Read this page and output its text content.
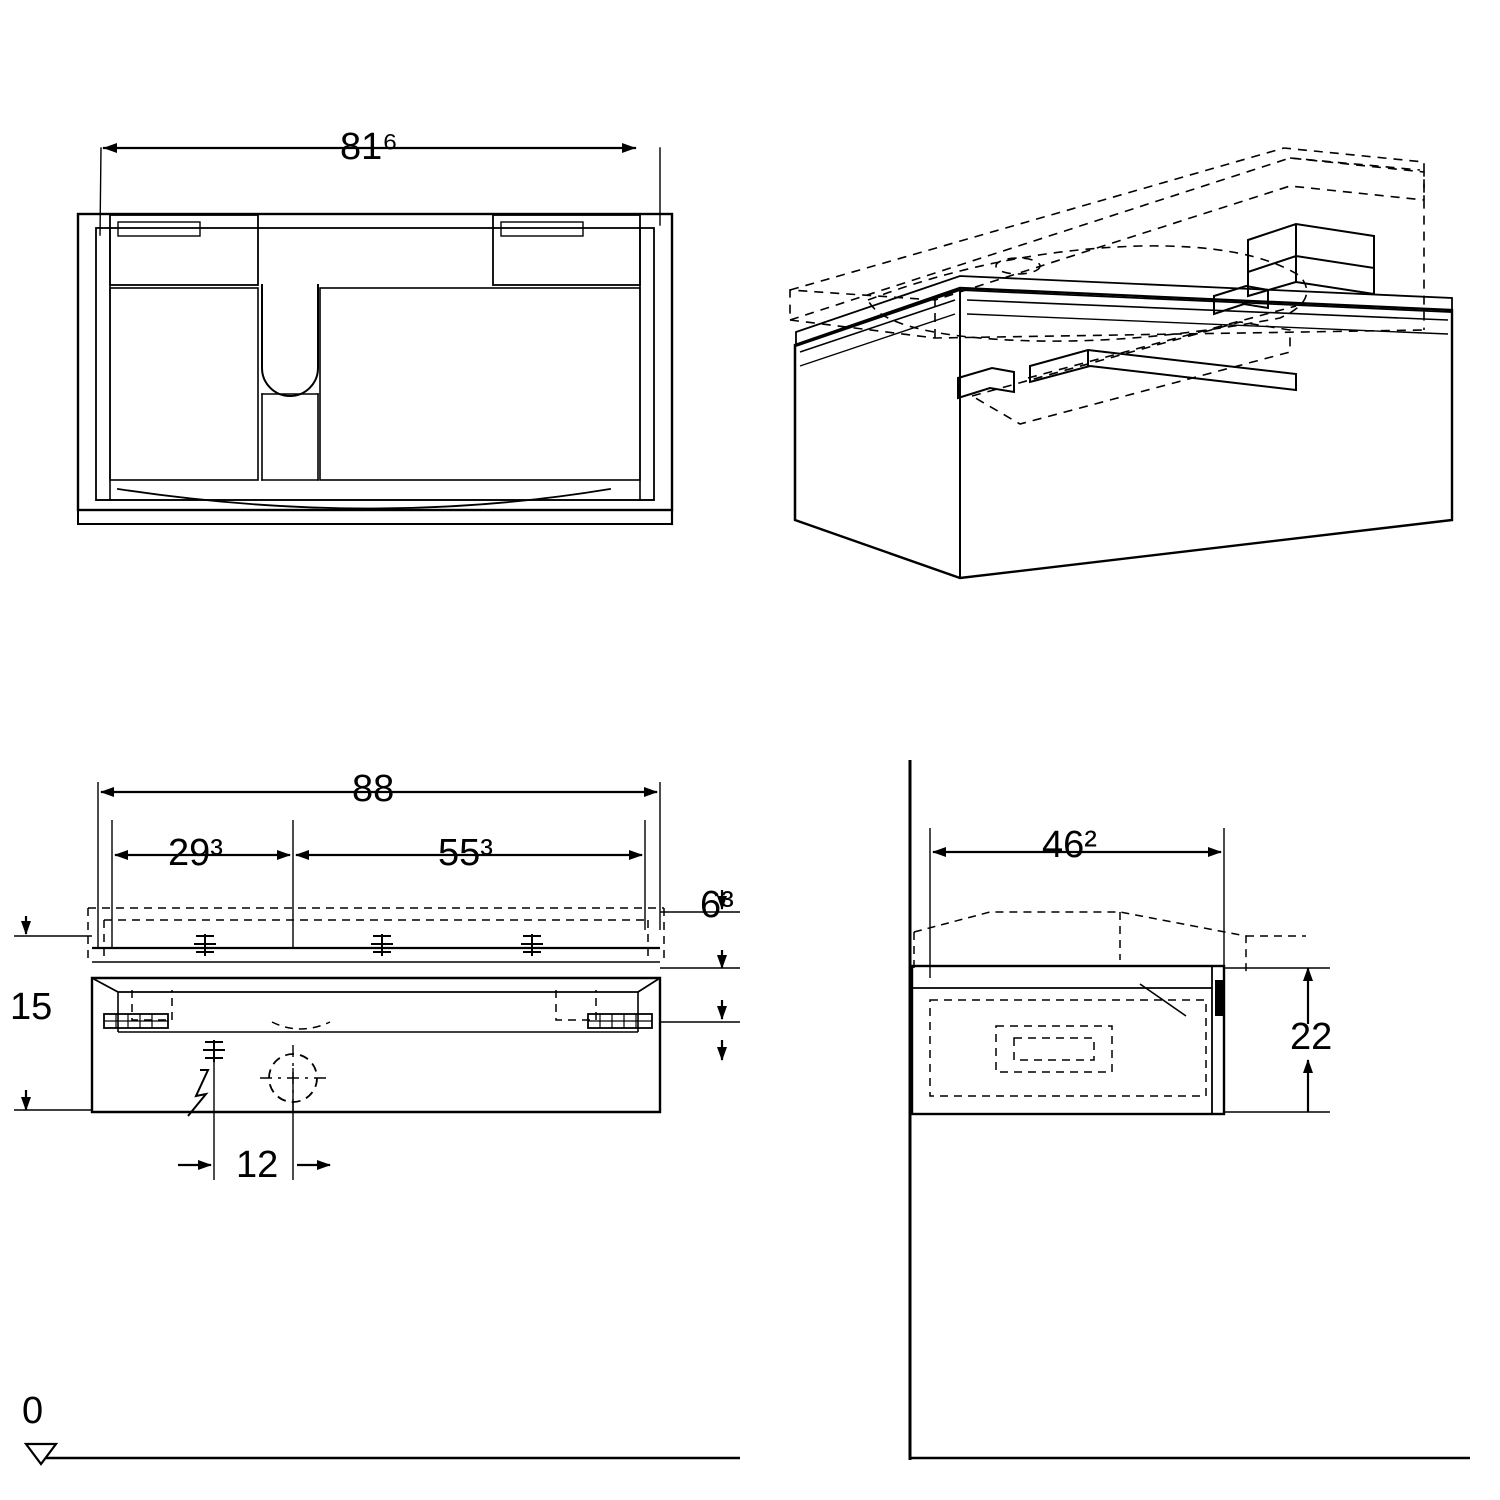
81⁶
88
29³	55³
6³
15
12
46²
22
0
